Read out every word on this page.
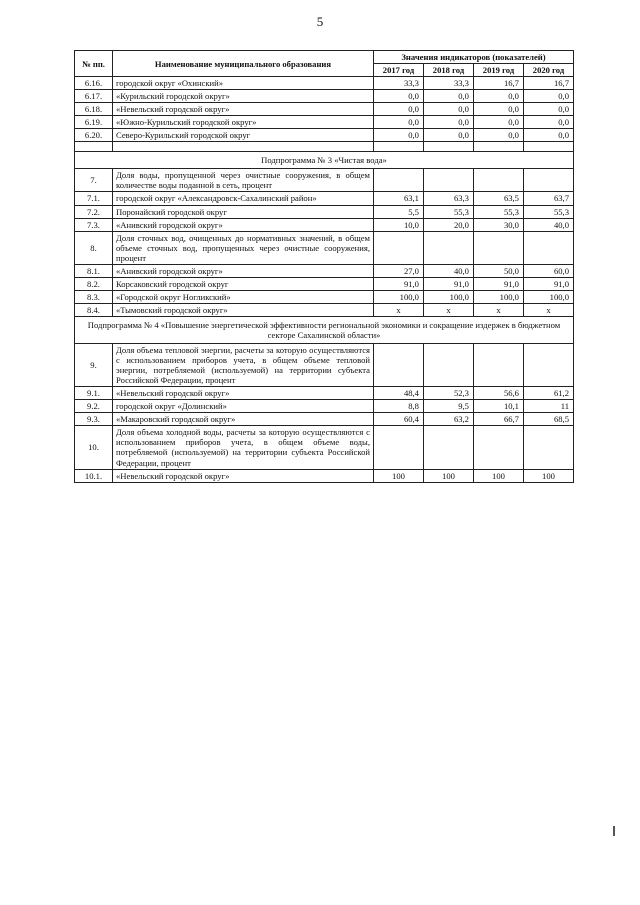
5
№ пп.	Наименование муниципального образования	Значения индикаторов (показателей)			
		2017 год	2018 год	2019 год	2020 год
6.16.	городской округ «Охинский»	33,3	33,3	16,7	16,7
6.17.	«Курильский городской округ»	0,0	0,0	0,0	0,0
6.18.	«Невельский городской округ»	0,0	0,0	0,0	0,0
6.19.	«Южно-Курильский городской округ»	0,0	0,0	0,0	0,0
6.20.	Северо-Курильский городской округ	0,0	0,0	0,0	0,0

Подпрограмма № 3 «Чистая вода»					
7.	Доля воды, пропущенной через очистные сооружения, в общем количестве воды поданной в сеть, процент				
7.1.	городской округ «Александровск-Сахалинский район»	63,1	63,3	63,5	63,7
7.2.	Поронайский городской округ	5,5	55,3	55,3	55,3
7.3.	«Анивский городской округ»	10,0	20,0	30,0	40,0
8.	Доля сточных вод, очищенных до нормативных значений, в общем объеме сточных вод, пропущенных через очистные сооружения, процент				
8.1.	«Анивский городской округ»	27,0	40,0	50,0	60,0
8.2.	Корсаковский городской округ	91,0	91,0	91,0	91,0
8.3.	«Городской округ Ногликский»	100,0	100,0	100,0	100,0
8.4.	«Тымовский городской округ»	x	x	x	x
Подпрограмма № 4 «Повышение энергетической эффективности региональной экономики и сокращение издержек в бюджетном секторе Сахалинской области»					
9.	Доля объема тепловой энергии, расчеты за которую осуществляются с использованием приборов учета, в общем объеме тепловой энергии, потребляемой (используемой) на территории субъекта Российской Федерации, процент				
9.1.	«Невельский городской округ»	48,4	52,3	56,6	61,2
9.2.	городской округ «Долинский»	8,8	9,5	10,1	11
9.3.	«Макаровский городской округ»	60,4	63,2	66,7	68,5
10.	Доля объема холодной воды, расчеты за которую осуществляются с использованием приборов учета, в общем объеме воды, потребляемой (используемой) на территории субъекта Российской Федерации, процент				
10.1.	«Невельский городской округ»	100	100	100	100
